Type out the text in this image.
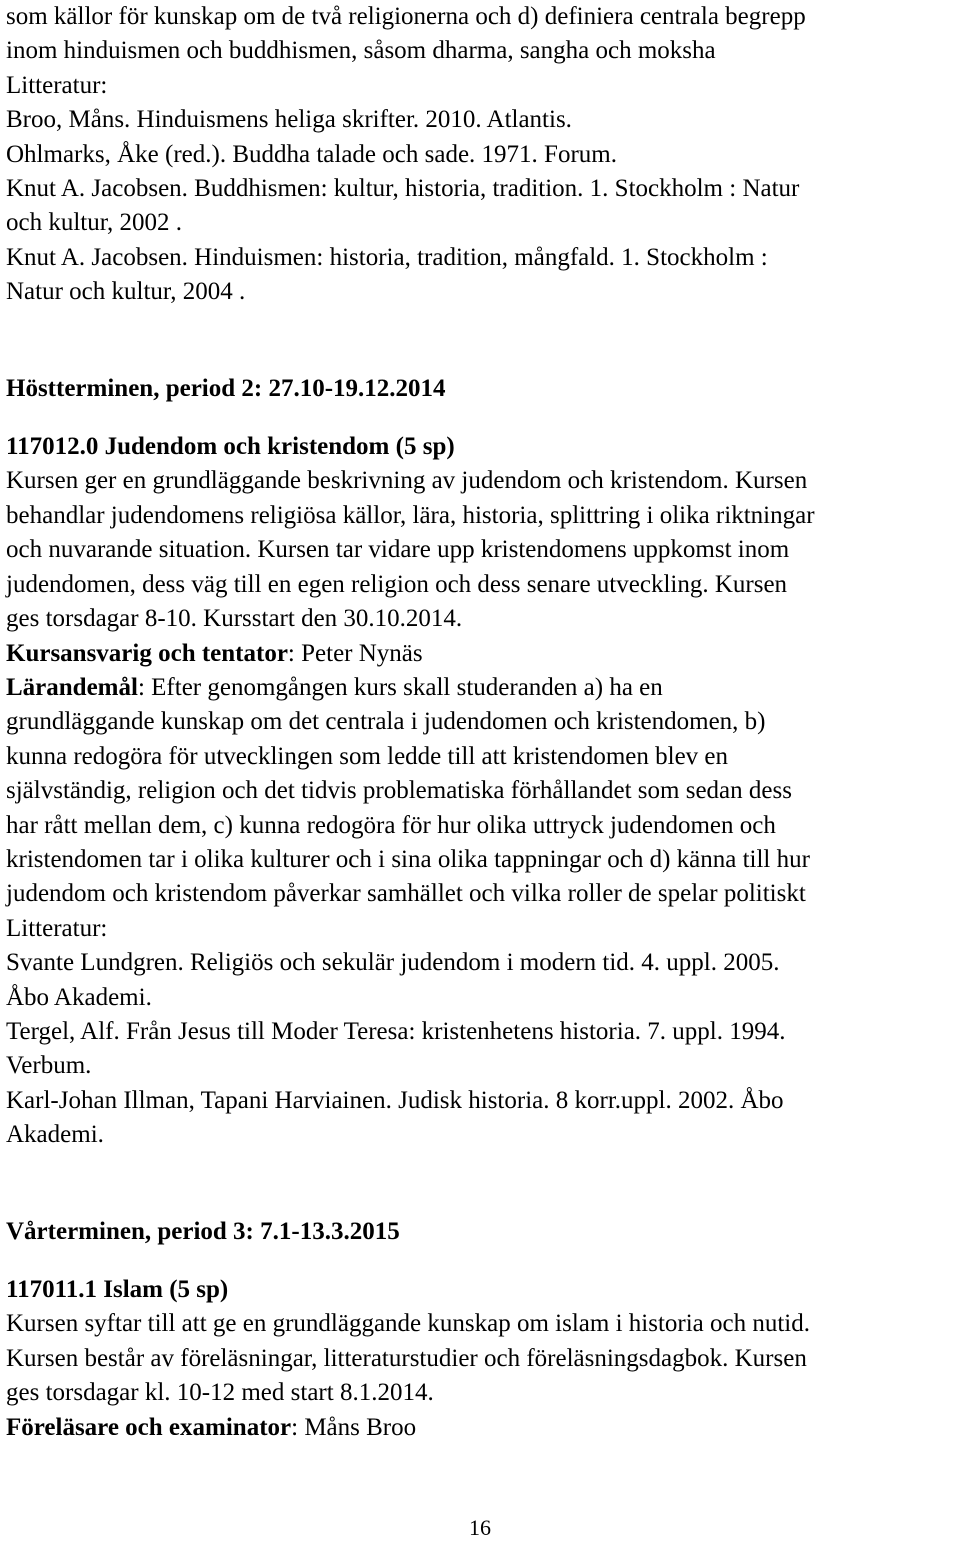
som källor för kunskap om de två religionerna och d) definiera centrala begrepp
inom hinduismen och buddhismen, såsom dharma, sangha och moksha

Litteratur:

Broo, Måns. Hinduismens heliga skrifter. 2010. Atlantis.
Ohlmarks, Åke (red.). Buddha talade och sade. 1971. Forum.
Knut A. Jacobsen. Buddhismen: kultur, historia, tradition. 1. Stockholm : Natur
och kultur, 2002 .
Knut A. Jacobsen. Hinduismen: historia, tradition, mångfald. 1. Stockholm :
Natur och kultur, 2004 .

Höstterminen, period 2: 27.10-19.12.2014

117012.0 Judendom och kristendom (5 sp)

Kursen ger en grundläggande beskrivning av judendom och kristendom. Kursen
behandlar judendomens religiösa källor, lära, historia, splittring i olika riktningar
och nuvarande situation. Kursen tar vidare upp kristendomens uppkomst inom
judendomen, dess väg till en egen religion och dess senare utveckling. Kursen
ges torsdagar 8-10. Kursstart den 30.10.2014.

Kursansvarig och tentator: Peter Nynäs

Lärandemål: Efter genomgången kurs skall studeranden a) ha en
grundläggande kunskap om det centrala i judendomen och kristendomen, b)
kunna redogöra för utvecklingen som ledde till att kristendomen blev en
självständig, religion och det tidvis problematiska förhållandet som sedan dess
har rått mellan dem, c) kunna redogöra för hur olika uttryck judendomen och
kristendomen tar i olika kulturer och i sina olika tappningar och d) känna till hur
judendom och kristendom påverkar samhället och vilka roller de spelar politiskt

Litteratur:

Svante Lundgren. Religiös och sekulär judendom i modern tid. 4. uppl. 2005.
Åbo Akademi.
Tergel, Alf. Från Jesus till Moder Teresa: kristenhetens historia. 7. uppl. 1994.
Verbum.
Karl-Johan Illman, Tapani Harviainen. Judisk historia. 8 korr.uppl. 2002. Åbo
Akademi.

Vårterminen, period 3: 7.1-13.3.2015

117011.1 Islam (5 sp)

Kursen syftar till att ge en grundläggande kunskap om islam i historia och nutid.
Kursen består av föreläsningar, litteraturstudier och föreläsningsdagbok. Kursen
ges torsdagar kl. 10-12 med start 8.1.2014.

Föreläsare och examinator: Måns Broo

16
